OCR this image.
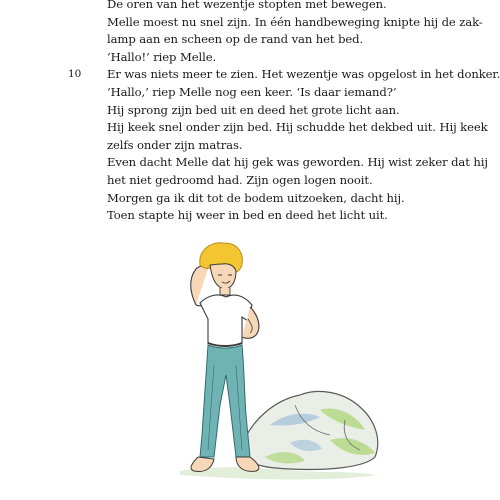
De oren van het wezentje stopten met bewegen.
Melle moest nu snel zijn. In één handbeweging knipte hij de zak-
lamp aan en scheen op de rand van het bed.
‘Hallo!’ riep Melle.
Er was niets meer te zien. Het wezentje was opgelost in het donker.
‘Hallo,’ riep Melle nog een keer. ‘Is daar iemand?’
Hij sprong zijn bed uit en deed het grote licht aan.
Hij keek snel onder zijn bed. Hij schudde het dekbed uit. Hij keek
zelfs onder zijn matras.
Even dacht Melle dat hij gek was geworden. Hij wist zeker dat hij
het niet gedroomd had. Zijn ogen logen nooit.
Morgen ga ik dit tot de bodem uitzoeken, dacht hij.
Toen stapte hij weer in bed en deed het licht uit.
10
